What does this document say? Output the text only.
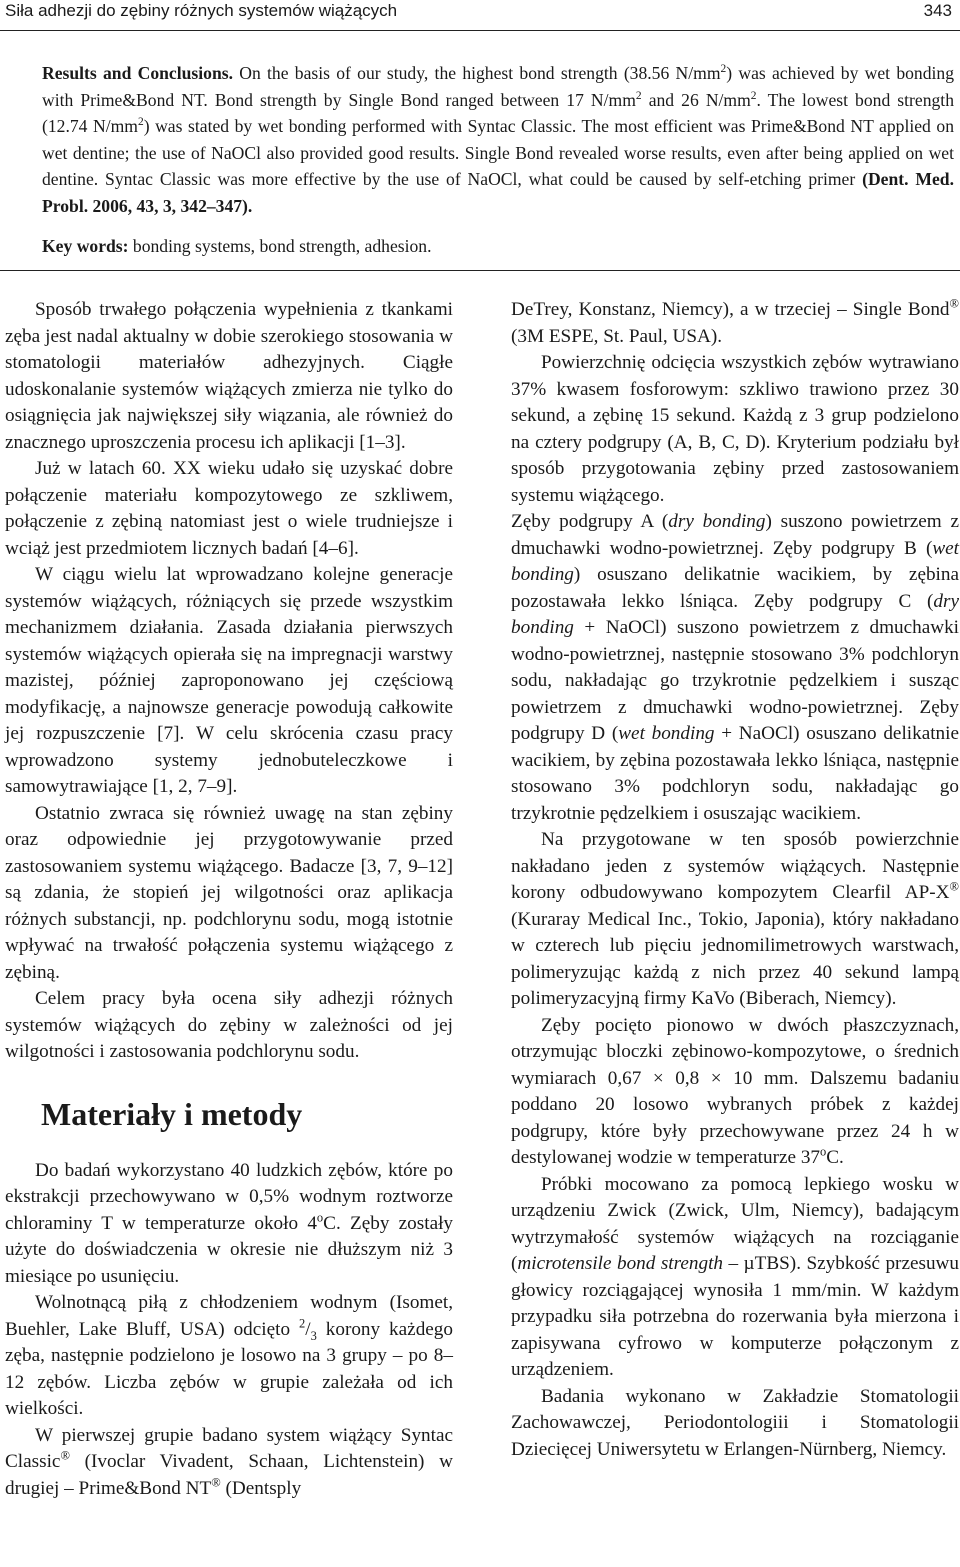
Siła adhezji do zębiny różnych systemów wiążących	343
Results and Conclusions. On the basis of our study, the highest bond strength (38.56 $N/mm^2$) was achieved by wet bonding with Prime&Bond NT. Bond strength by Single Bond ranged between 17 $N/mm^2$ and 26 $N/mm^2$. The lowest bond strength (12.74 $N/mm^2$) was stated by wet bonding performed with Syntac Classic. The most efficient was Prime&Bond NT applied on wet dentine; the use of NaOCl also provided good results. Single Bond revealed worse results, even after being applied on wet dentine. Syntac Classic was more effective by the use of NaOCl, what could be caused by self-etching primer (Dent. Med. Probl. 2006, 43, 3, 342–347).
Key words: bonding systems, bond strength, adhesion.

Sposób trwałego połączenia wypełnienia z tkankami zęba jest nadal aktualny w dobie szerokiego stosowania w stomatologii materiałów adhezyjnych. Ciągłe udoskonalanie systemów wiążących zmierza nie tylko do osiągnięcia jak największej siły wiązania, ale również do znacznego uproszczenia procesu ich aplikacji [1–3].

Już w latach 60. XX wieku udało się uzyskać dobre połączenie materiału kompozytowego ze szkliwem, połączenie z zębiną natomiast jest o wiele trudniejsze i wciąż jest przedmiotem licznych badań [4–6].

W ciągu wielu lat wprowadzano kolejne generacje systemów wiążących, różniących się przede wszystkim mechanizmem działania. Zasada działania pierwszych systemów wiążących opierała się na impregnacji warstwy mazistej, później zaproponowano jej częściową modyfikację, a najnowsze generacje powodują całkowite jej rozpuszczenie [7]. W celu skrócenia czasu pracy wprowadzono systemy jednobuteleczkowe i samowytrawiające [1, 2, 7–9].

Ostatnio zwraca się również uwagę na stan zębiny oraz odpowiednie jej przygotowywanie przed zastosowaniem systemu wiążącego. Badacze [3, 7, 9–12] są zdania, że stopień jej wilgotności oraz aplikacja różnych substancji, np. podchlorynu sodu, mogą istotnie wpływać na trwałość połączenia systemu wiążącego z zębiną.

Celem pracy była ocena siły adhezji różnych systemów wiążących do zębiny w zależności od jej wilgotności i zastosowania podchlorynu sodu.

Materiały i metody

Do badań wykorzystano 40 ludzkich zębów, które po ekstrakcji przechowywano w 0,5% wodnym roztworze chloraminy T w temperaturze około 4$^o$C. Zęby zostały użyte do doświadczenia w okresie nie dłuższym niż 3 miesiące po usunięciu.

Wolnotnącą piłą z chłodzeniem wodnym (Isomet, Buehler, Lake Bluff, USA) odcięto $^2/_3$ korony każdego zęba, następnie podzielono je losowo na 3 grupy – po 8–12 zębów. Liczba zębów w grupie zależała od ich wielkości.

W pierwszej grupie badano system wiążący Syntac Classic® (Ivoclar Vivadent, Schaan, Lichtenstein) w drugiej – Prime&Bond NT® (Dentsply

DeTrey, Konstanz, Niemcy), a w trzeciej – Single Bond® (3M ESPE, St. Paul, USA).

Powierzchnię odcięcia wszystkich zębów wytrawiano 37% kwasem fosforowym: szkliwo trawiono przez 30 sekund, a zębinę 15 sekund. Każdą z 3 grup podzielono na cztery podgrupy (A, B, C, D). Kryterium podziału był sposób przygotowania zębiny przed zastosowaniem systemu wiążącego.

Zęby podgrupy A (dry bonding) suszono powietrzem z dmuchawki wodno-powietrznej. Zęby podgrupy B (wet bonding) osuszano delikatnie wacikiem, by zębina pozostawała lekko lśniąca. Zęby podgrupy C (dry bonding + NaOCl) suszono powietrzem z dmuchawki wodno-powietrznej, następnie stosowano 3% podchloryn sodu, nakładając go trzykrotnie pędzelkiem i susząc powietrzem z dmuchawki wodno-powietrznej. Zęby podgrupy D (wet bonding + NaOCl) osuszano delikatnie wacikiem, by zębina pozostawała lekko lśniąca, następnie stosowano 3% podchloryn sodu, nakładając go trzykrotnie pędzelkiem i osuszając wacikiem.

Na przygotowane w ten sposób powierzchnie nakładano jeden z systemów wiążących. Następnie korony odbudowywano kompozytem Clearfil AP-X® (Kuraray Medical Inc., Tokio, Japonia), który nakładano w czterech lub pięciu jednomilimetrowych warstwach, polimeryzując każdą z nich przez 40 sekund lampą polimeryzacyjną firmy KaVo (Biberach, Niemcy).

Zęby pocięto pionowo w dwóch płaszczyznach, otrzymując bloczki zębinowo-kompozytowe, o średnich wymiarach 0,67 × 0,8 × 10 mm. Dalszemu badaniu poddano 20 losowo wybranych próbek z każdej podgrupy, które były przechowywane przez 24 h w destylowanej wodzie w temperaturze 37$^o$C.

Próbki mocowano za pomocą lepkiego wosku w urządzeniu Zwick (Zwick, Ulm, Niemcy), badającym wytrzymałość systemów wiążących na rozciąganie (microtensile bond strength – µTBS). Szybkość przesuwu głowicy rozciągającej wynosiła 1 mm/min. W każdym przypadku siła potrzebna do rozerwania była mierzona i zapisywana cyfrowo w komputerze połączonym z urządzeniem.

Badania wykonano w Zakładzie Stomatologii Zachowawczej, Periodontologiii i Stomatologii Dziecięcej Uniwersytetu w Erlangen-Nürnberg, Niemcy.
